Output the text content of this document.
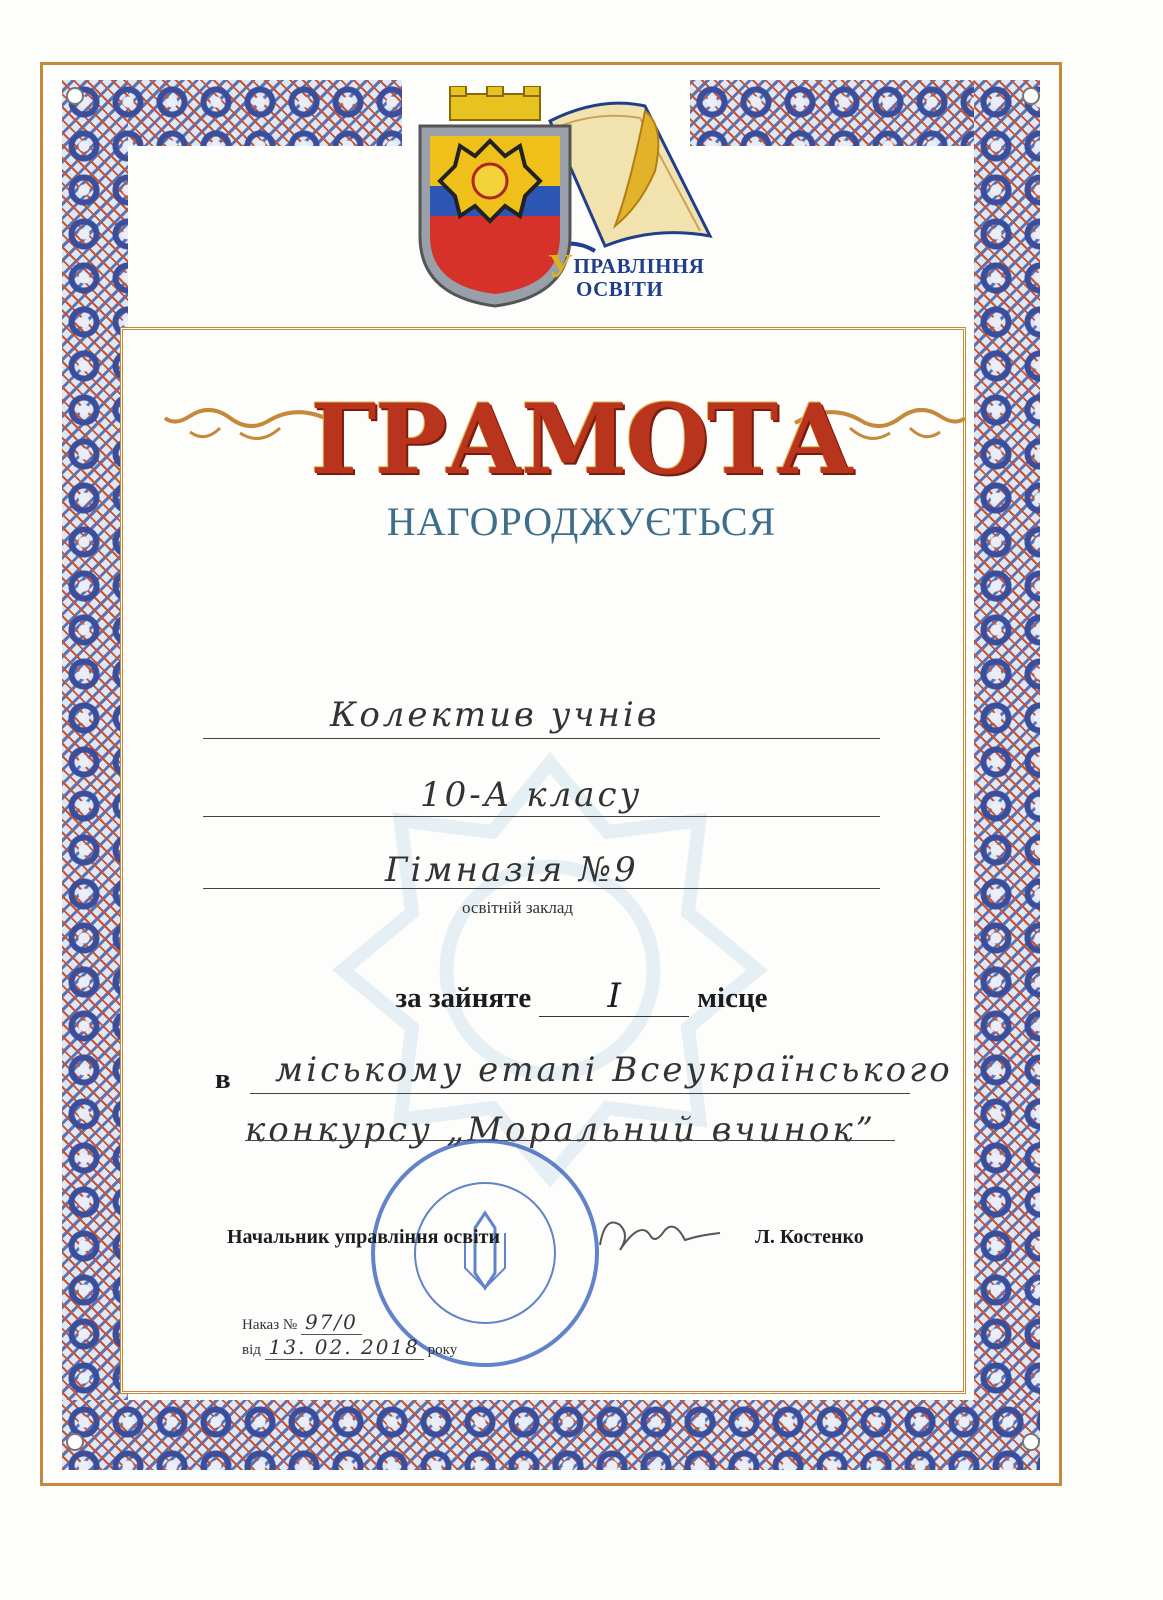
УПРАВЛІННЯ
ОСВІТИ
ГРАМОТА
НАГОРОДЖУЄТЬСЯ
Колектив учнів
10-А класу
Гімназія №9
освітній заклад
за зайняте І	місце
в міському етапі Всеукраїнського
конкурсу „Моральний вчинок”
Начальник управління освіти	Л. Костенко
Наказ № 97/0
від 13. 02. 2018 року
